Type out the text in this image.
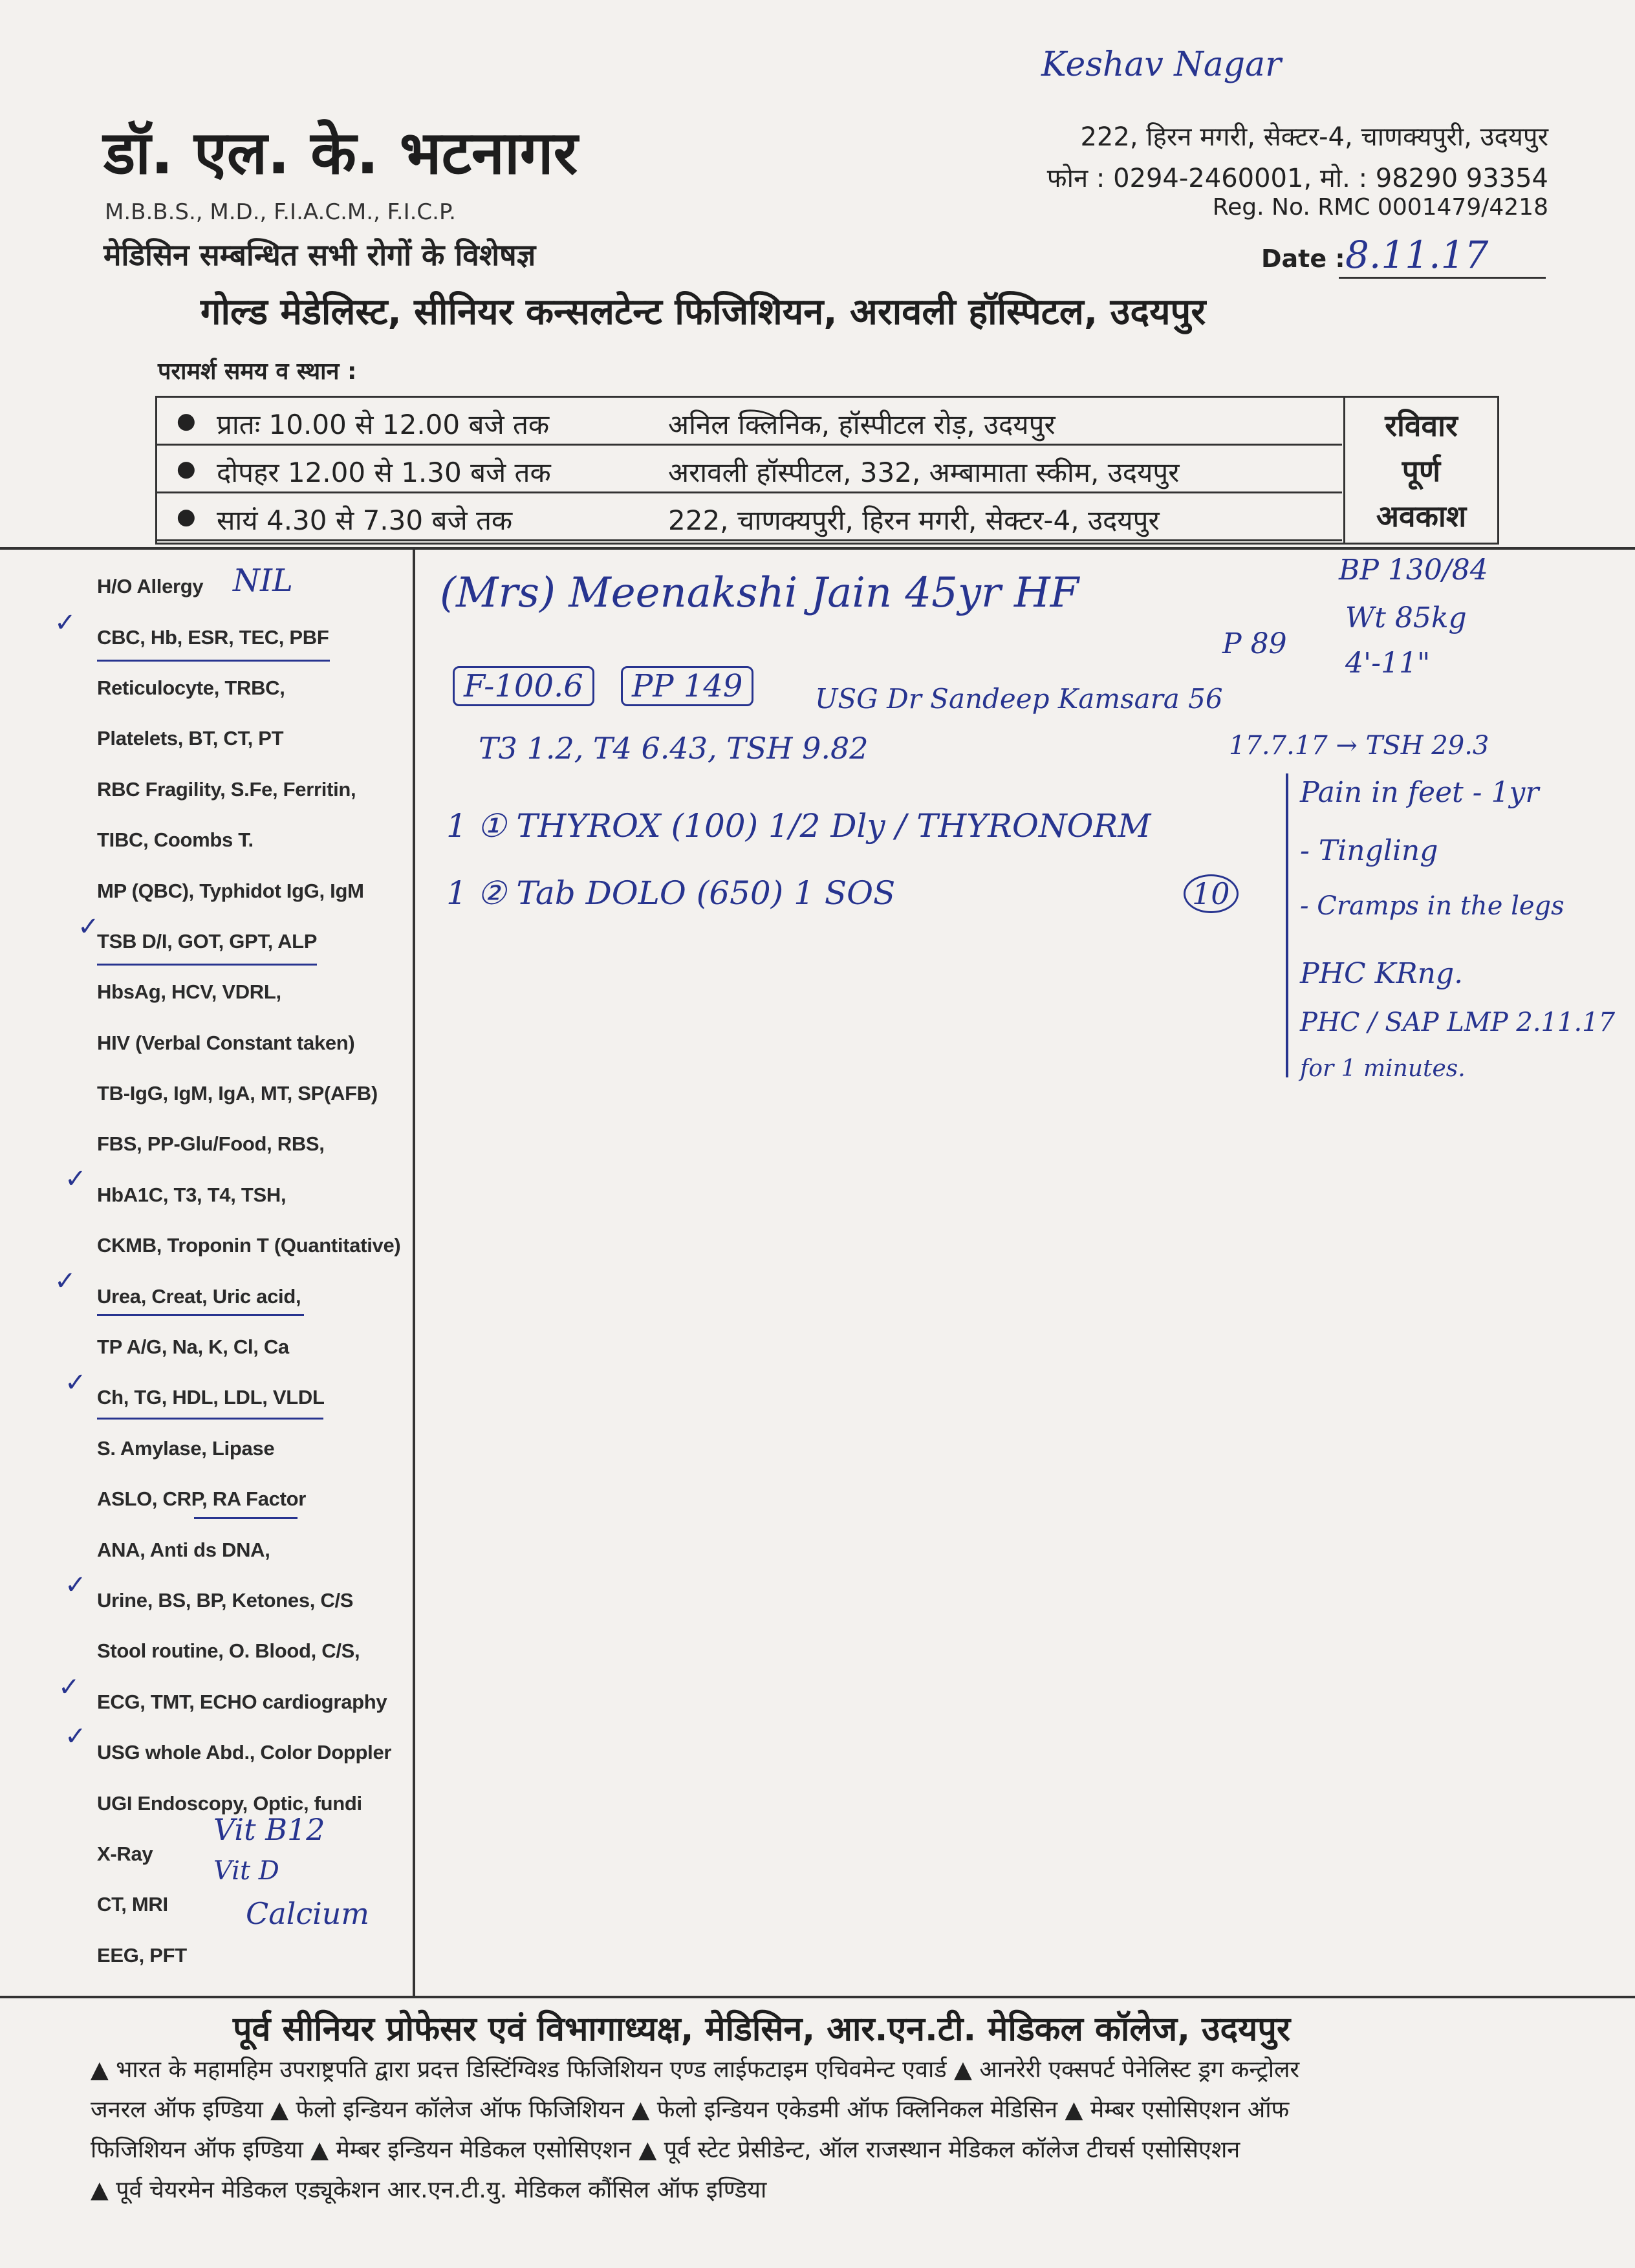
Keshav Nagar
डॉ. एल. के. भटनागर
M.B.B.S., M.D., F.I.A.C.M., F.I.C.P.
मेडिसिन सम्बन्धित सभी रोगों के विशेषज्ञ
222, हिरन मगरी, सेक्टर-4, चाणक्यपुरी, उदयपुर
फोन : 0294-2460001, मो. : 98290 93354
Reg. No. RMC 0001479/4218
Date : 8.11.17
गोल्ड मेडेलिस्ट, सीनियर कन्सलटेन्ट फिजिशियन, अरावली हॉस्पिटल, उदयपुर
परामर्श समय व स्थान :
● प्रातः 10.00 से 12.00 बजे तक	अनिल क्लिनिक, हॉस्पीटल रोड़, उदयपुर
● दोपहर 12.00 से 1.30 बजे तक	अरावली हॉस्पीटल, 332, अम्बामाता स्कीम, उदयपुर
● सायं 4.30 से 7.30 बजे तक	222, चाणक्यपुरी, हिरन मगरी, सेक्टर-4, उदयपुर
रविवार
पूर्ण
अवकाश
H/O Allergy
CBC, Hb, ESR, TEC, PBF
Reticulocyte, TRBC,
Platelets, BT, CT, PT
RBC Fragility, S.Fe, Ferritin,
TIBC, Coombs T.
MP (QBC), Typhidot IgG, IgM
TSB D/I, GOT, GPT, ALP
HbsAg, HCV, VDRL,
HIV (Verbal Constant taken)
TB-IgG, IgM, IgA, MT, SP(AFB)
FBS, PP-Glu/Food, RBS,
HbA1C, T3, T4, TSH,
CKMB, Troponin T (Quantitative)
Urea, Creat, Uric acid,
TP A/G, Na, K, Cl, Ca
Ch, TG, HDL, LDL, VLDL
S. Amylase, Lipase
ASLO, CRP, RA Factor
ANA, Anti ds DNA,
Urine, BS, BP, Ketones, C/S
Stool routine, O. Blood, C/S,
ECG, TMT, ECHO cardiography
USG whole Abd., Color Doppler
UGI Endoscopy, Optic, fundi
X-Ray
CT, MRI
EEG, PFT
✓
✓
✓
✓
✓
✓
✓
✓
NIL	(Mrs) Meenakshi Jain 45yr HF	BP 130/84
P 89
Wt 85kg
4'-11"
F-100.6	PP 149	USG Dr Sandeep Kamsara 56
T3 1.2, T4 6.43, TSH 9.82	17.7.17 → TSH 29.3
1 ① THYROX (100) 1/2 Dly / THYRONORM
1 ② Tab DOLO (650) 1 SOS	10
Pain in feet - 1yr
- Tingling
- Cramps in the legs
PHC KRng.
PHC / SAP LMP 2.11.17
for 1 minutes.
Vit B12
Vit D
Calcium
पूर्व सीनियर प्रोफेसर एवं विभागाध्यक्ष, मेडिसिन, आर.एन.टी. मेडिकल कॉलेज, उदयपुर
▲ भारत के महामहिम उपराष्ट्रपति द्वारा प्रदत्त डिस्टिंग्विश्ड फिजिशियन एण्ड लाईफटाइम एचिवमेन्ट एवार्ड ▲ आनरेरी एक्सपर्ट पेनेलिस्ट ड्रग कन्ट्रोलर
जनरल ऑफ इण्डिया ▲ फेलो इन्डियन कॉलेज ऑफ फिजिशियन ▲ फेलो इन्डियन एकेडमी ऑफ क्लिनिकल मेडिसिन ▲ मेम्बर एसोसिएशन ऑफ
फिजिशियन ऑफ इण्डिया ▲ मेम्बर इन्डियन मेडिकल एसोसिएशन ▲ पूर्व स्टेट प्रेसीडेन्ट, ऑल राजस्थान मेडिकल कॉलेज टीचर्स एसोसिएशन
▲ पूर्व चेयरमेन मेडिकल एड्यूकेशन आर.एन.टी.यु. मेडिकल कौंसिल ऑफ इण्डिया
